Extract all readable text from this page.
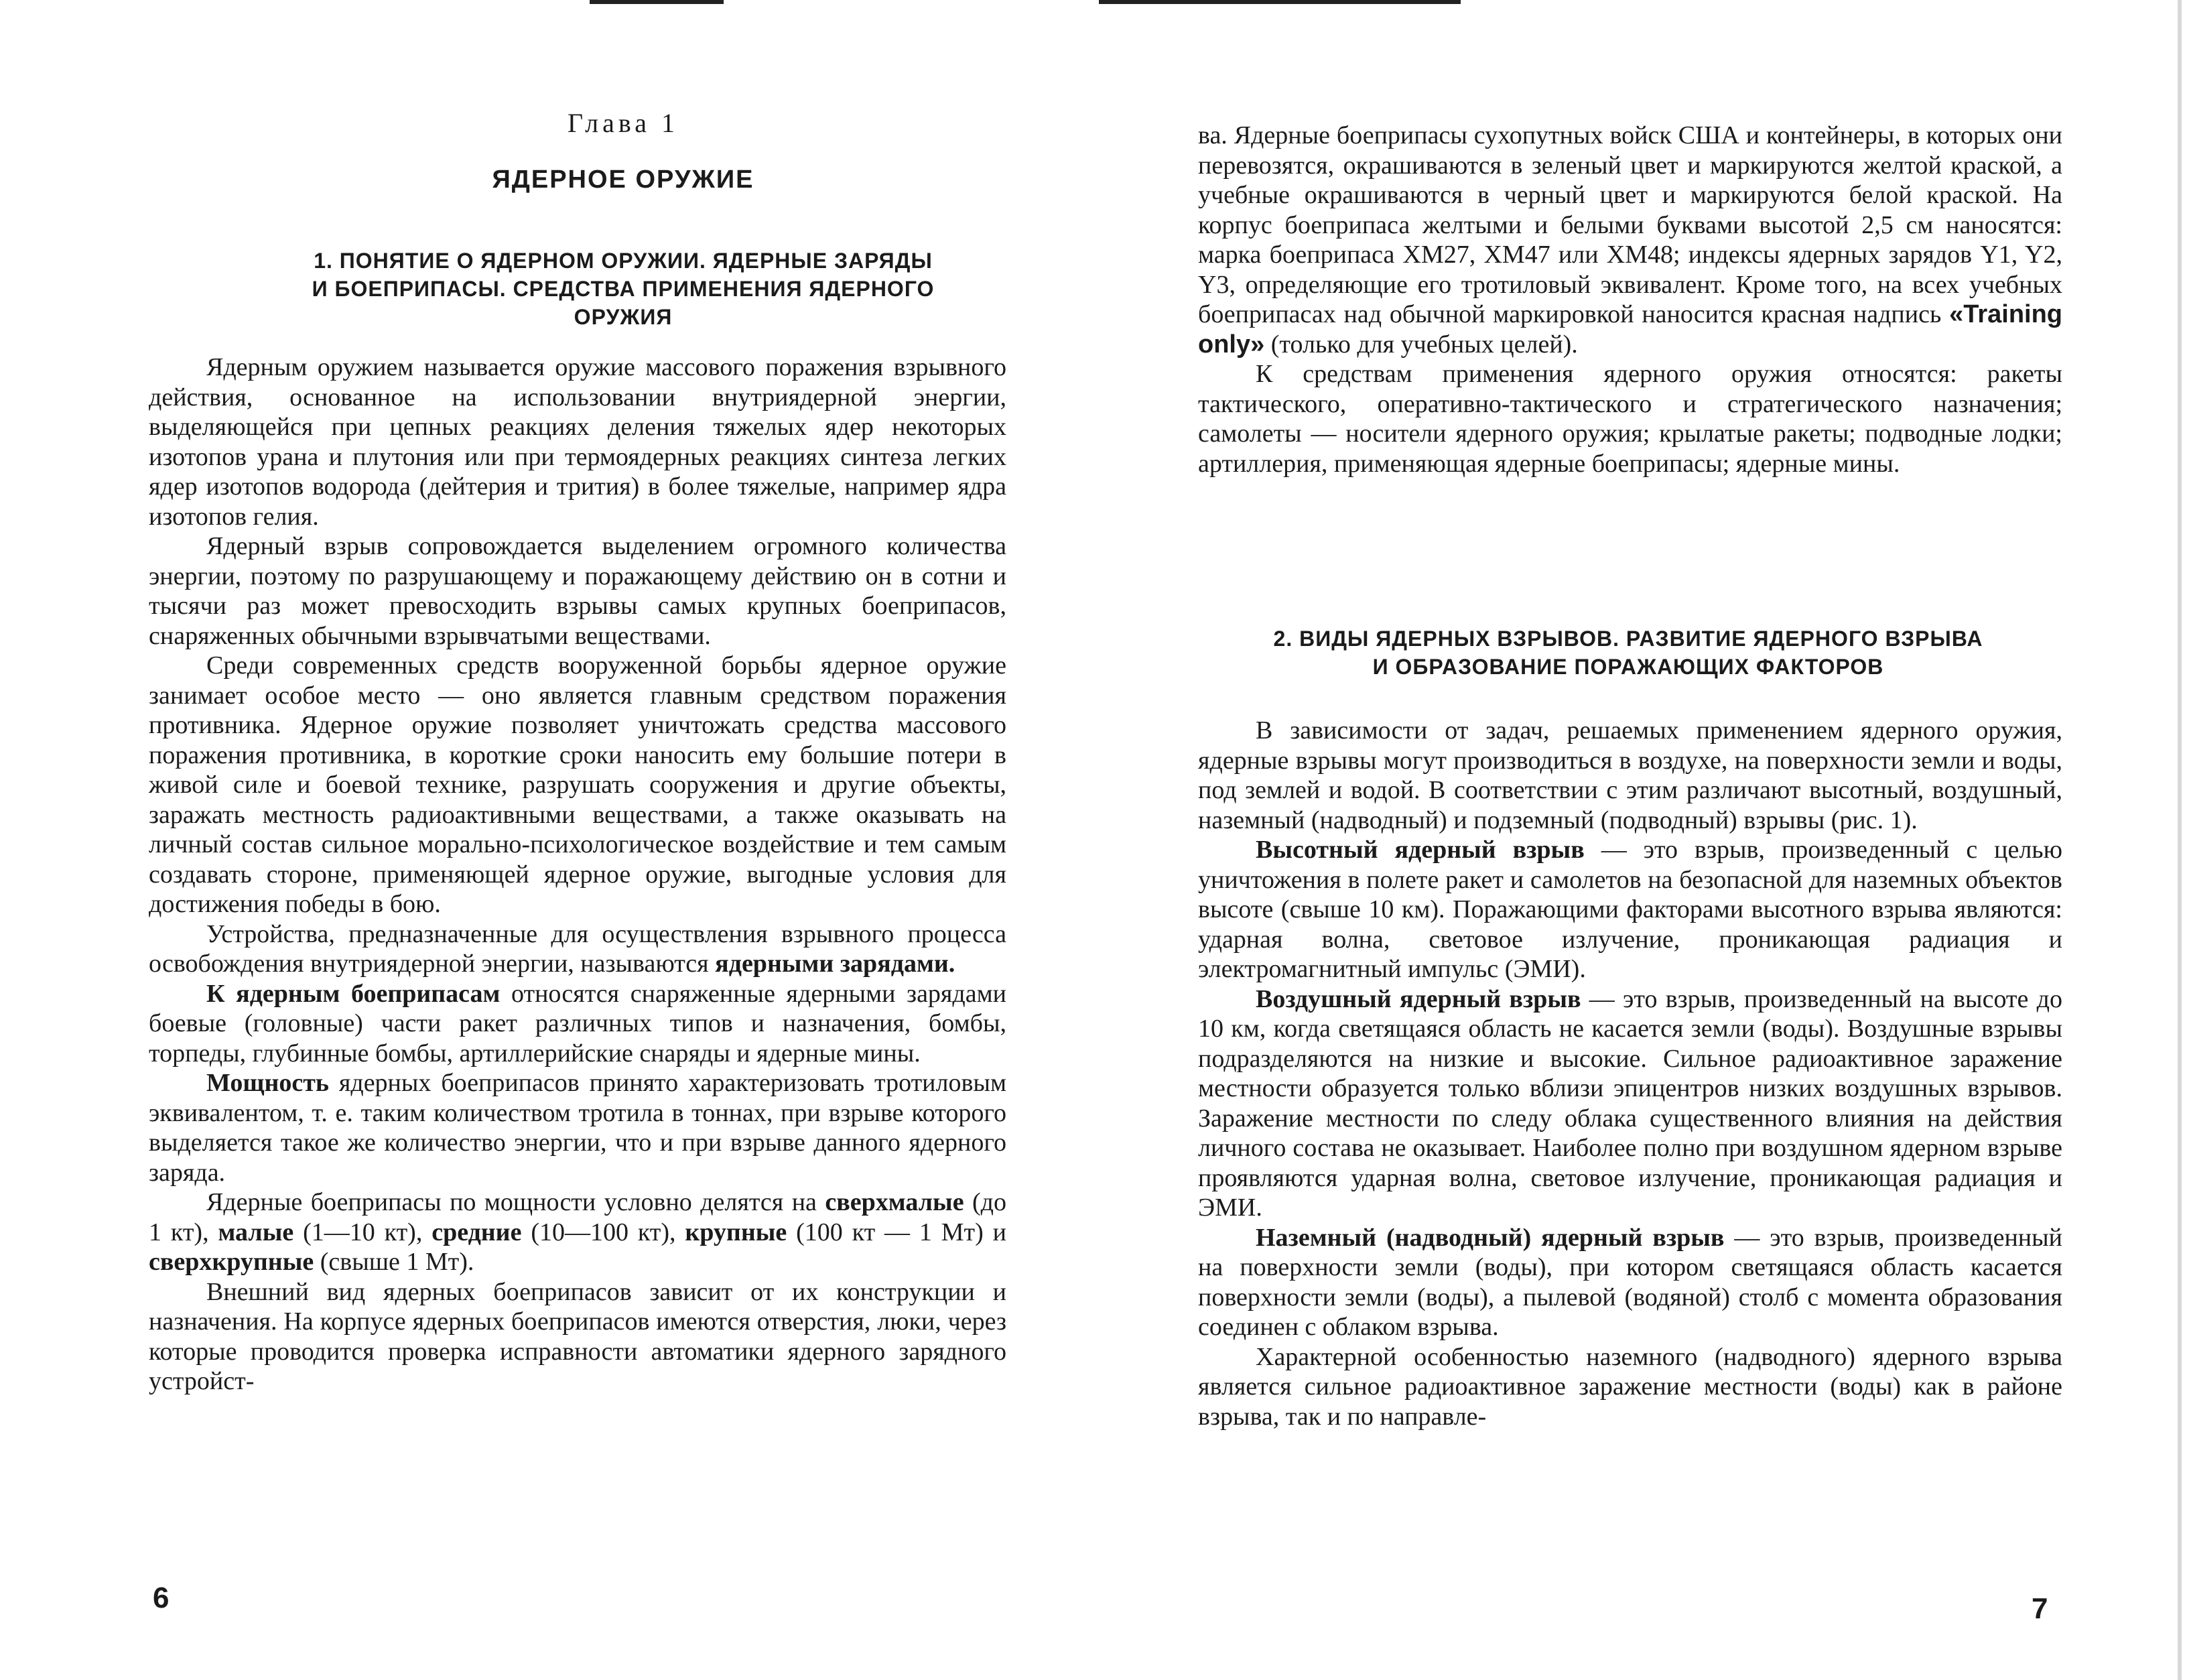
Глава 1

ЯДЕРНОЕ ОРУЖИЕ

1. ПОНЯТИЕ О ЯДЕРНОМ ОРУЖИИ. ЯДЕРНЫЕ ЗАРЯДЫ

И БОЕПРИПАСЫ. СРЕДСТВА ПРИМЕНЕНИЯ ЯДЕРНОГО

ОРУЖИЯ

Ядерным оружием называется оружие массового поражения взрывного действия, основанное на использовании внутриядерной энергии, выделяющейся при цепных реакциях деления тяжелых ядер некоторых изотопов урана и плутония или при термоядерных реакциях синтеза легких ядер изотопов водорода (дейтерия и трития) в более тяжелые, например ядра изотопов гелия.

Ядерный взрыв сопровождается выделением огромного количества энергии, поэтому по разрушающему и поражающему действию он в сотни и тысячи раз может превосходить взрывы самых крупных боеприпасов, снаряженных обычными взрывчатыми веществами.

Среди современных средств вооруженной борьбы ядерное оружие занимает особое место — оно является главным средством поражения противника. Ядерное оружие позволяет уничтожать средства массового поражения противника, в короткие сроки наносить ему большие потери в живой силе и боевой технике, разрушать сооружения и другие объекты, заражать местность радиоактивными веществами, а также оказывать на личный состав сильное морально-психологическое воздействие и тем самым создавать стороне, применяющей ядерное оружие, выгодные условия для достижения победы в бою.

Устройства, предназначенные для осуществления взрывного процесса освобождения внутриядерной энергии, называются ядерными зарядами.

К ядерным боеприпасам относятся снаряженные ядерными зарядами боевые (головные) части ракет различных типов и назначения, бомбы, торпеды, глубинные бомбы, артиллерийские снаряды и ядерные мины.

Мощность ядерных боеприпасов принято характеризовать тротиловым эквивалентом, т. е. таким количеством тротила в тоннах, при взрыве которого выделяется такое же количество энергии, что и при взрыве данного ядерного заряда.

Ядерные боеприпасы по мощности условно делятся на сверхмалые (до 1 кт), малые (1—10 кт), средние (10—100 кт), крупные (100 кт — 1 Мт) и сверхкрупные (свыше 1 Мт).

Внешний вид ядерных боеприпасов зависит от их конструкции и назначения. На корпусе ядерных боеприпасов имеются отверстия, люки, через которые проводится проверка исправности автоматики ядерного зарядного устройст-

6

ва. Ядерные боеприпасы сухопутных войск США и контейнеры, в которых они перевозятся, окрашиваются в зеленый цвет и маркируются желтой краской, а учебные окрашиваются в черный цвет и маркируются белой краской. На корпус боеприпаса желтыми и белыми буквами высотой 2,5 см наносятся: марка боеприпаса XM27, XM47 или XM48; индексы ядерных зарядов Y1, Y2, Y3, определяющие его тротиловый эквивалент. Кроме того, на всех учебных боеприпасах над обычной маркировкой наносится красная надпись «Training only» (только для учебных целей).

К средствам применения ядерного оружия относятся: ракеты тактического, оперативно-тактического и стратегического назначения; самолеты — носители ядерного оружия; крылатые ракеты; подводные лодки; артиллерия, применяющая ядерные боеприпасы; ядерные мины.

2. ВИДЫ ЯДЕРНЫХ ВЗРЫВОВ. РАЗВИТИЕ ЯДЕРНОГО ВЗРЫВА

И ОБРАЗОВАНИЕ ПОРАЖАЮЩИХ ФАКТОРОВ

В зависимости от задач, решаемых применением ядерного оружия, ядерные взрывы могут производиться в воздухе, на поверхности земли и воды, под землей и водой. В соответствии с этим различают высотный, воздушный, наземный (надводный) и подземный (подводный) взрывы (рис. 1).

Высотный ядерный взрыв — это взрыв, произведенный с целью уничтожения в полете ракет и самолетов на безопасной для наземных объектов высоте (свыше 10 км). Поражающими факторами высотного взрыва являются: ударная волна, световое излучение, проникающая радиация и электромагнитный импульс (ЭМИ).

Воздушный ядерный взрыв — это взрыв, произведенный на высоте до 10 км, когда светящаяся область не касается земли (воды). Воздушные взрывы подразделяются на низкие и высокие. Сильное радиоактивное заражение местности образуется только вблизи эпицентров низких воздушных взрывов. Заражение местности по следу облака существенного влияния на действия личного состава не оказывает. Наиболее полно при воздушном ядерном взрыве проявляются ударная волна, световое излучение, проникающая радиация и ЭМИ.

Наземный (надводный) ядерный взрыв — это взрыв, произведенный на поверхности земли (воды), при котором светящаяся область касается поверхности земли (воды), а пылевой (водяной) столб с момента образования соединен с облаком взрыва.

Характерной особенностью наземного (надводного) ядерного взрыва является сильное радиоактивное заражение местности (воды) как в районе взрыва, так и по направле-

7
